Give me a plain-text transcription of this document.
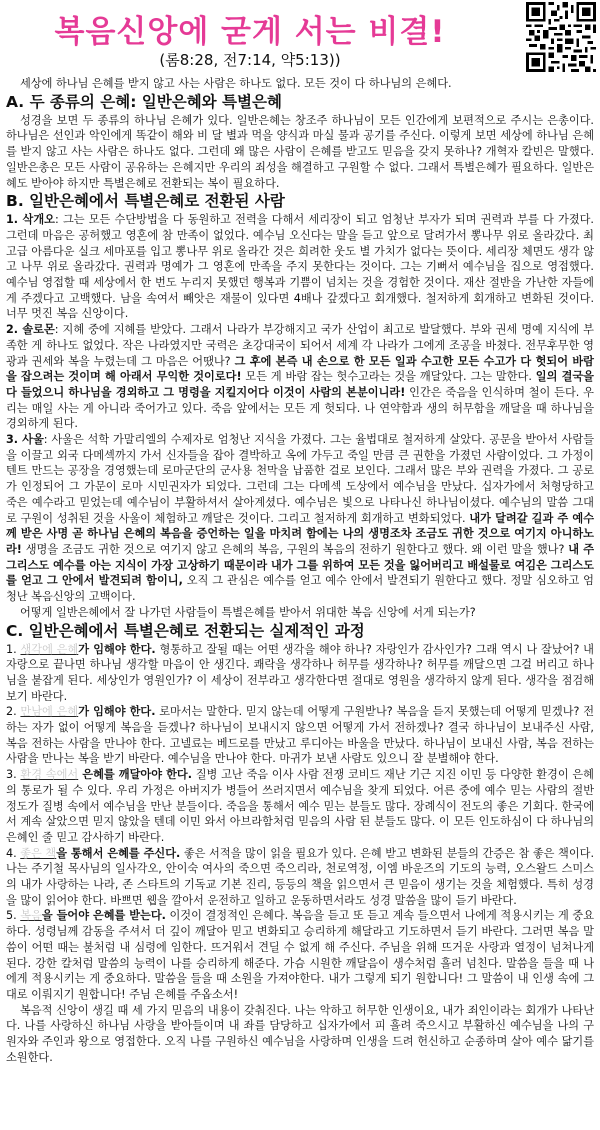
복음신앙에 굳게 서는 비결!
(롬8:28, 전7:14, 약5:13))

세상에 하나님 은혜를 받지 않고 사는 사람은 하나도 없다. 모든 것이 다 하나님의 은혜다.

A. 두 종류의 은혜: 일반은혜와 특별은혜

성경을 보면 두 종류의 하나님 은혜가 있다. 일반은혜는 창조주 하나님이 모든 인간에게 보편적으로 주시는 은총이다. 하나님은 선인과 악인에게 똑같이 해와 비 달 별과 먹을 양식과 마실 물과 공기를 주신다. 이렇게 보면 세상에 하나님 은혜를 받지 않고 사는 사람은 하나도 없다. 그런데 왜 많은 사람이 은혜를 받고도 믿음을 갖지 못하나? 개혁자 칼빈은 말했다. 일반은총은 모든 사람이 공유하는 은혜지만 우리의 죄성을 해결하고 구원할 수 없다. 그래서 특별은혜가 필요하다. 일반은혜도 받아야 하지만 특별은혜로 전환되는 복이 필요하다.

B. 일반은혜에서 특별은혜로 전환된 사람

1. 삭개오: 그는 모든 수단방법을 다 동원하고 전력을 다해서 세리장이 되고 엄청난 부자가 되며 권력과 부를 다 가졌다. 그런데 마음은 공허했고 영혼에 참 만족이 없었다. 예수님 오신다는 말을 듣고 앞으로 달려가서 뽕나무 위로 올라갔다. 최고급 아름다운 실크 세마포를 입고 뽕나무 위로 올라간 것은 희려한 웃도 별 가치가 없다는 뜻이다. 세리장 체면도 생각 않고 나무 위로 올라갔다. 권력과 명예가 그 영혼에 만족을 주지 못한다는 것이다. 그는 기뻐서 예수님을 집으로 영접했다. 예수님 영접할 때 세상에서 한 번도 누리지 못했던 행복과 기쁨이 넘치는 것을 경험한 것이다. 재산 절반을 가난한 자들에게 주겠다고 고백했다. 남을 속여서 빼앗은 재물이 있다면 4배나 갚겠다고 회개했다. 철저하게 회개하고 변화된 것이다. 너무 멋진 복음 신앙이다.

2. 솔로몬: 지혜 중에 지혜를 받았다. 그래서 나라가 부강해지고 국가 산업이 최고로 발달했다. 부와 권세 명예 지식에 부족한 게 하나도 없었다. 작은 나라였지만 국력은 초강대국이 되어서 세계 각 나라가 그에게 조공을 바쳤다. 전무후무한 영광과 권세와 복을 누렸는데 그 마음은 어땠나? 그 후에 본즉 내 손으로 한 모든 일과 수고한 모든 수고가 다 헛되어 바람을 잡으려는 것이며 해 아래서 무익한 것이로다! 모든 게 바람 잡는 헛수고라는 것을 깨달았다. 그는 말한다. 일의 결국을 다 들었으니 하나님을 경외하고 그 명령을 지킬지어다 이것이 사람의 본분이니라! 인간은 죽음을 인식하며 철이 든다. 우리는 매일 사는 게 아니라 죽어가고 있다. 죽음 앞에서는 모든 게 헛되다. 나 연약함과 생의 허무함을 깨달을 때 하나님을 경외하게 된다.

3. 사울: 사울은 석학 가말리엘의 수제자로 엄청난 지식을 가졌다. 그는 율법대로 철저하게 살았다. 공문을 받아서 사람들을 이끌고 외국 다메섹까지 가서 신자들을 잡아 결박하고 옥에 가두고 죽일 만큼 큰 권한을 가졌던 사람이었다. 그 가정이 텐트 만드는 공장을 경영했는데 로마군단의 군사용 천막을 납품한 걸로 보인다. 그래서 많은 부와 권력을 가졌다. 그 공로가 인정되어 그 가문이 로마 시민권자가 되었다. 그런데 그는 다메섹 도상에서 예수님을 만났다. 십자가에서 처형당하고 죽은 예수라고 믿었는데 예수님이 부활하셔서 살아계셨다. 예수님은 빛으로 나타나신 하나님이셨다. 예수님의 말씀 그대로 구원이 성취된 것을 사울이 체험하고 깨달은 것이다. 그리고 철저하게 회개하고 변화되었다. 내가 달려갈 길과 주 예수께 받은 사명 곧 하나님 은혜의 복음을 증언하는 일을 마치려 함에는 나의 생명조차 조금도 귀한 것으로 여기지 아니하노라! 생명을 조금도 귀한 것으로 여기지 않고 은혜의 복음, 구원의 복음의 전하기 원한다고 했다. 왜 이런 말을 했나? 내 주 그리스도 예수를 아는 지식이 가장 고상하기 때문이라 내가 그를 위하여 모든 것을 잃어버리고 배설물로 여김은 그리스도를 얻고 그 안에서 발견되려 함이니, 오직 그 관심은 예수를 얻고 예수 안에서 발견되기 원한다고 했다. 정말 심오하고 엄청난 복음신앙의 고백이다.

어떻게 일반은혜에서 잘 나가던 사람들이 특별은혜를 받아서 위대한 복음 신앙에 서게 되는가?

C. 일반은혜에서 특별은혜로 전환되는 실제적인 과정

1. 생각에 은혜가 임해야 한다. 형통하고 잘될 때는 어떤 생각을 해야 하나? 자랑인가 감사인가? 그래 역시 나 잘났어? 내 자랑으로 끝나면 하나님 생각할 마음이 안 생긴다. 쾌락을 생각하나 허무를 생각하나? 허무를 깨달으면 그걸 버리고 하나님을 붙잡게 된다. 세상인가 영원인가? 이 세상이 전부라고 생각한다면 절대로 영원을 생각하지 않게 된다. 생각을 점검해보기 바란다.

2. 만남에 은혜가 임해야 한다. 로마서는 말한다. 믿지 않는데 어떻게 구원받나? 복음을 듣지 못했는데 어떻게 믿겠나? 전하는 자가 없이 어떻게 복음을 듣겠나? 하나님이 보내시지 않으면 어떻게 가서 전하겠나? 결국 하나님이 보내주신 사람, 복음 전하는 사람을 만나야 한다. 고넬료는 베드로를 만났고 루디아는 바울을 만났다. 하나님이 보내신 사람, 복음 전하는 사람을 만나는 복을 받기 바란다. 예수님을 만나야 한다. 마귀가 보낸 사람도 있으니 잘 분별해야 한다.

3. 환경 속에서 은혜를 깨달아야 한다. 질병 고난 죽음 이사 사람 전쟁 코비드 재난 기근 지진 이민 등 다양한 환경이 은혜의 통로가 될 수 있다. 우리 가정은 아버지가 병들어 쓰러지면서 예수님을 찾게 되었다. 어른 중에 예수 믿는 사람의 절반 정도가 질병 속에서 예수님을 만난 분들이다. 죽음을 통해서 예수 믿는 분들도 많다. 장례식이 전도의 좋은 기회다. 한국에서 계속 살았으면 믿지 않았을 텐데 이민 와서 아브라함처럼 믿음의 사람 된 분들도 많다. 이 모든 인도하심이 다 하나님의 은혜인 줄 믿고 감사하기 바란다.

4. 좋은 책을 통해서 은혜를 주신다. 좋은 서적을 많이 읽을 필요가 있다. 은혜 받고 변화된 분들의 간증은 참 좋은 책이다. 나는 주기철 목사님의 일사각오, 안이숙 여사의 죽으면 죽으리라, 천로역정, 이엠 바운즈의 기도의 능력, 오스왈드 스미스의 내가 사랑하는 나라, 존 스타트의 기독교 기본 진리, 등등의 책을 읽으면서 큰 믿음이 생기는 것을 체험했다. 특히 성경을 많이 읽어야 한다. 바쁘면 웹을 깔아서 운전하고 일하고 운동하면서라도 성경 말씀을 많이 듣기 바란다.

5. 복음을 들어야 은혜를 받는다. 이것이 결정적인 은혜다. 복음을 듣고 또 듣고 계속 들으면서 나에게 적용시키는 게 중요하다. 성령님께 감동을 주셔서 더 깊이 깨달아 믿고 변화되고 승리하게 해달라고 기도하면서 듣기 바란다. 그러면 복음 말씀이 어떤 때는 불처럼 내 심령에 임한다. 뜨거워서 견딜 수 없게 해 주신다. 주님을 위해 뜨거운 사랑과 열정이 넘쳐나게 된다. 강한 칼처럼 말씀의 능력이 나를 승리하게 해준다. 가슴 시원한 깨달음이 생수처럼 흘러 넘친다. 말씀을 들을 때 나에게 적용시키는 게 중요하다. 말씀을 들을 때 소원을 가져야한다. 내가 그렇게 되기 원합니다! 그 말씀이 내 인생 속에 그대로 이뤄지기 원합니다! 주님 은혜를 주옵소서!

복음적 신앙이 생길 때 세 가지 믿음의 내용이 갖춰진다. 나는 악하고 허무한 인생이요, 내가 죄인이라는 회개가 나타난다. 나를 사랑하신 하나님 사랑을 받아들이며 내 좌를 담당하고 십자가에서 피 흘려 죽으시고 부활하신 예수님을 나의 구원자와 주인과 왕으로 영접한다. 오직 나를 구원하신 예수님을 사랑하며 인생을 드려 헌신하고 순종하며 살아 예수 닮기를 소원한다.
